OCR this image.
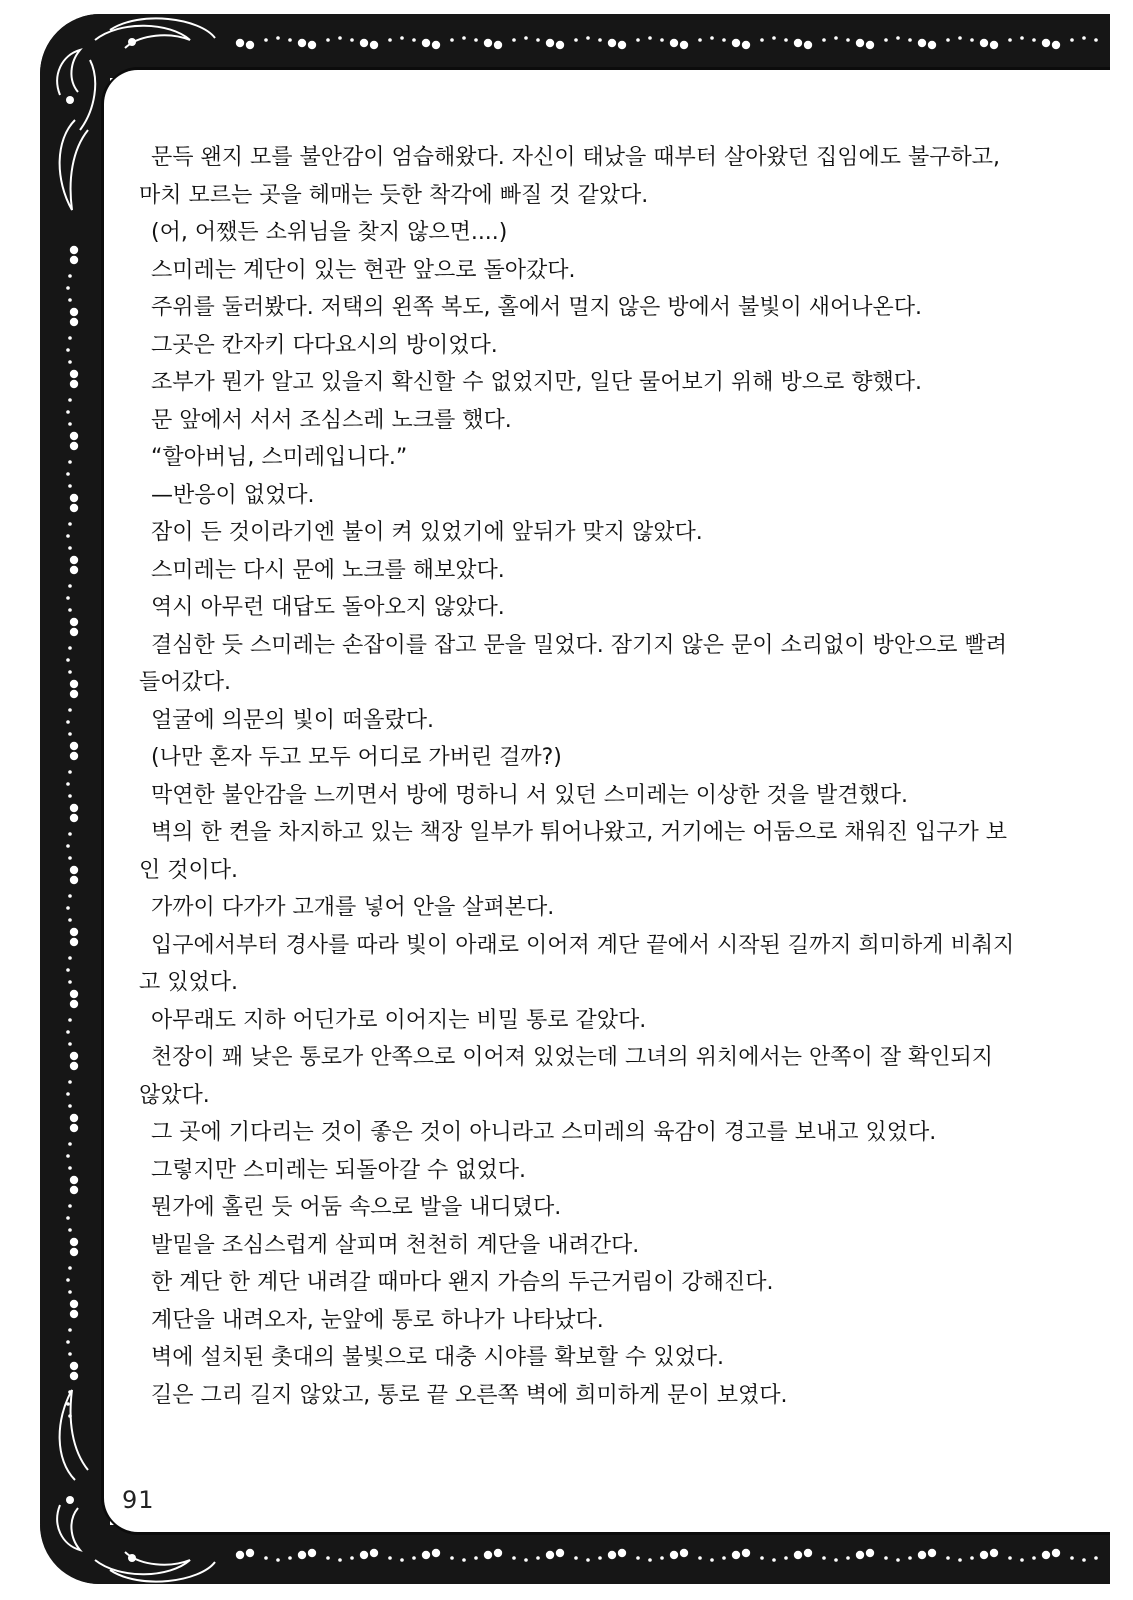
문득 왠지 모를 불안감이 엄습해왔다. 자신이 태났을 때부터 살아왔던 집임에도 불구하고,

마치 모르는 곳을 헤매는 듯한 착각에 빠질 것 같았다.

(어, 어쨌든 소위님을 찾지 않으면....)

스미레는 계단이 있는 현관 앞으로 돌아갔다.

주위를 둘러봤다. 저택의 왼쪽 복도, 홀에서 멀지 않은 방에서 불빛이 새어나온다.

그곳은 칸자키 다다요시의 방이었다.

조부가 뭔가 알고 있을지 확신할 수 없었지만, 일단 물어보기 위해 방으로 향했다.

문 앞에서 서서 조심스레 노크를 했다.

“할아버님, 스미레입니다.”

—반응이 없었다.

잠이 든 것이라기엔 불이 켜 있었기에 앞뒤가 맞지 않았다.

스미레는 다시 문에 노크를 해보았다.

역시 아무런 대답도 돌아오지 않았다.

결심한 듯 스미레는 손잡이를 잡고 문을 밀었다. 잠기지 않은 문이 소리없이 방안으로 빨려

들어갔다.

얼굴에 의문의 빛이 떠올랐다.

(나만 혼자 두고 모두 어디로 가버린 걸까?)

막연한 불안감을 느끼면서 방에 멍하니 서 있던 스미레는 이상한 것을 발견했다.

벽의 한 켠을 차지하고 있는 책장 일부가 튀어나왔고, 거기에는 어둠으로 채워진 입구가 보

인 것이다.

가까이 다가가 고개를 넣어 안을 살펴본다.

입구에서부터 경사를 따라 빛이 아래로 이어져 계단 끝에서 시작된 길까지 희미하게 비춰지

고 있었다.

아무래도 지하 어딘가로 이어지는 비밀 통로 같았다.

천장이 꽤 낮은 통로가 안쪽으로 이어져 있었는데 그녀의 위치에서는 안쪽이 잘 확인되지

않았다.

그 곳에 기다리는 것이 좋은 것이 아니라고 스미레의 육감이 경고를 보내고 있었다.

그렇지만 스미레는 되돌아갈 수 없었다.

뭔가에 홀린 듯 어둠 속으로 발을 내디뎠다.

발밑을 조심스럽게 살피며 천천히 계단을 내려간다.

한 계단 한 계단 내려갈 때마다 왠지 가슴의 두근거림이 강해진다.

계단을 내려오자, 눈앞에 통로 하나가 나타났다.

벽에 설치된 촛대의 불빛으로 대충 시야를 확보할 수 있었다.

길은 그리 길지 않았고, 통로 끝 오른쪽 벽에 희미하게 문이 보였다.

91
